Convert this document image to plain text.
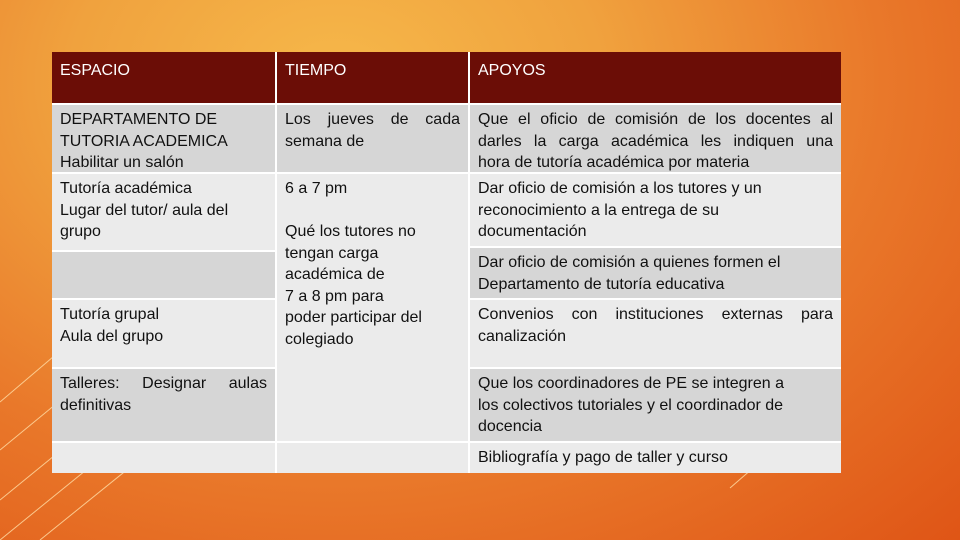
ESPACIO	TIEMPO	APOYOS
DEPARTAMENTO DE
TUTORIA ACADEMICA
Habilitar un salón
Tutoría académica
Lugar del tutor/ aula del
grupo
Tutoría grupal
Aula del grupo
Talleres: Designar aulas
definitivas
Los jueves de cada
semana de
6 a 7 pm

Qué los tutores no
tengan carga
académica de
7 a 8 pm para
poder participar del
colegiado
Que el oficio de comisión de los docentes al
darles la carga académica les indiquen una
hora de tutoría académica por materia
Dar oficio de comisión a los tutores y un
reconocimiento a la entrega de su
documentación
Dar oficio de comisión a quienes formen el
Departamento de tutoría educativa
Convenios con instituciones externas para
canalización
Que los coordinadores de PE se integren a
los colectivos tutoriales y el coordinador de
docencia
Bibliografía y pago de taller y curso
